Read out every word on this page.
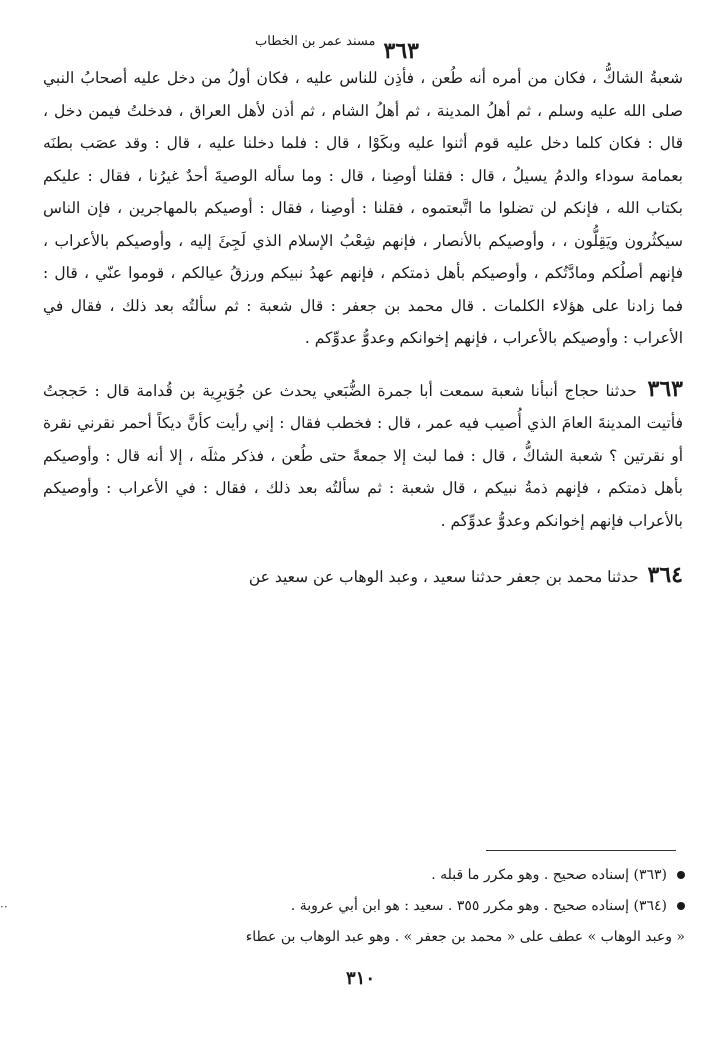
٣٦٣
مسند عمر بن الخطاب

شعبةُ الشاكُّ ، فكان من أمره أنه طُعن ، فأذِن للناس عليه ، فكان أولُ من دخل عليه أصحابُ النبي صلى الله عليه وسلم ، ثم أهلُ المدينة ، ثم أهلُ الشام ، ثم أذن لأهل العراق ، فدخلتُ فيمن دخل ، قال : فكان كلما دخل عليه قوم أثنوا عليه وبكَوْا ، قال : فلما دخلنا عليه ، قال : وقد عصَب بطنَه بعمامة سوداء والدمُ يسيلُ ، قال : فقلنا أوصِنا ، قال : وما سأله الوصيةَ أحدٌ غيرُنا ، فقال : عليكم بكتاب الله ، فإنكم لن تضلوا ما اتَّبعتموه ، فقلنا : أوصِنا ، فقال : أوصيكم بالمهاجرين ، فإن الناس سيكثُرون ويَقِلُّون ، ، وأوصيكم بالأنصار ، فإنهم شِعْبُ الإسلام الذي لَجِئَ إليه ، وأوصيكم بالأعراب ، فإنهم أصلُكم ومادَّتُكم ، وأوصيكم بأهل ذمتكم ، فإنهم عهدُ نبيكم ورزقُ عيالكم ، قوموا عنّي ، قال : فما زادنا على هؤلاء الكلمات . قال محمد بن جعفر : قال شعبة : ثم سألتُه بعد ذلك ، فقال في الأعراب : وأوصيكم بالأعراب ، فإنهم إخوانكم وعدوُّ عدوِّكم .

٣٦٣ حدثنا حجاج أنبأنا شعبة سمعت أبا جمرة الضُّبَعي يحدث عن جُوَيرِية بن قُدامة قال : حَججتُ فأتيت المدينةَ العامَ الذي أُصيب فيه عمر ، قال : فخطب فقال : إني رأيت كأنَّ ديكاً أحمر نقرني نقرة أو نقرتين ؟ شعبة الشاكُّ ، قال : فما لبث إلا جمعةً حتى طُعن ، فذكر مثلَه ، إلا أنه قال : وأوصيكم بأهل ذمتكم ، فإنهم ذمةُ نبيكم ، قال شعبة : ثم سألتُه بعد ذلك ، فقال : في الأعراب : وأوصيكم بالأعراب فإنهم إخوانكم وعدوُّ عدوِّكم .

٣٦٤ حدثنا محمد بن جعفر حدثنا سعيد ، وعبد الوهاب عن سعيد عن

(٣٦٣) إسناده صحيح . وهو مكرر ما قبله .

(٣٦٤) إسناده صحيح . وهو مكرر ٣٥٥ . سعيد : هو ابن أبي عروبة .

« وعبد الوهاب » عطف على « محمد بن جعفر » . وهو عبد الوهاب بن عطاء

··
٣١٠
